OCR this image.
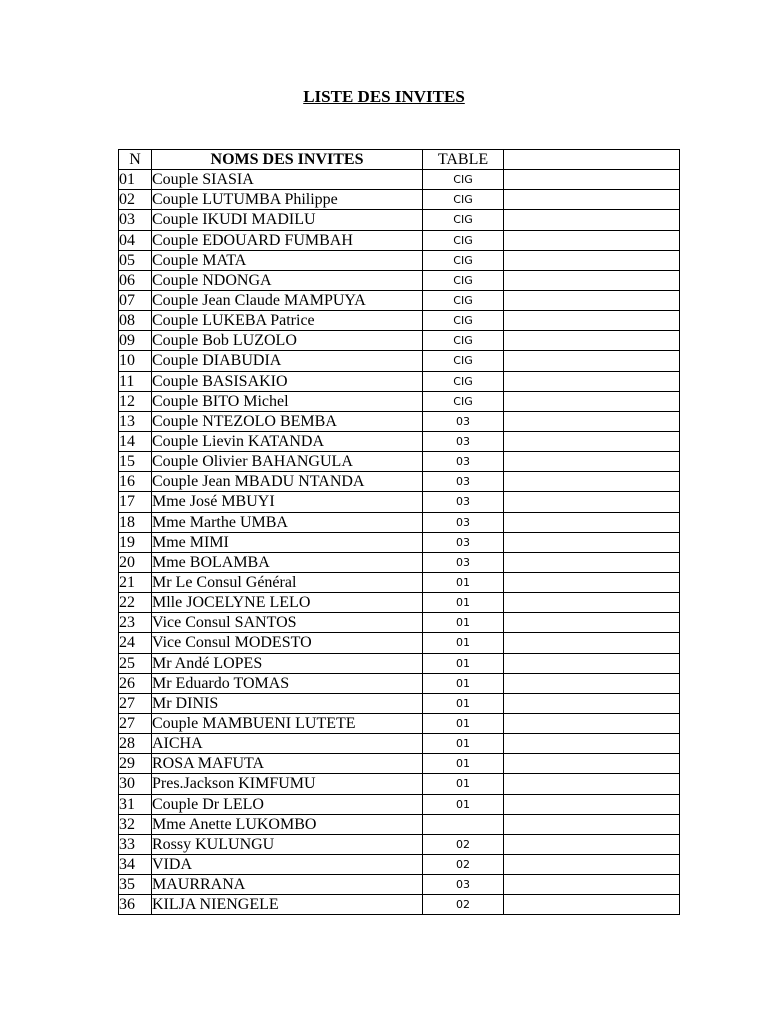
LISTE DES INVITES
N	NOMS DES INVITES	TABLE	
01	Couple SIASIA	CIG	
02	Couple LUTUMBA Philippe	CIG	
03	Couple IKUDI MADILU	CIG	
04	Couple EDOUARD FUMBAH	CIG	
05	Couple MATA	CIG	
06	Couple NDONGA	CIG	
07	Couple Jean Claude MAMPUYA	CIG	
08	Couple LUKEBA Patrice	CIG	
09	Couple Bob LUZOLO	CIG	
10	Couple DIABUDIA	CIG	
11	Couple BASISAKIO	CIG	
12	Couple BITO Michel	CIG	
13	Couple NTEZOLO BEMBA	03	
14	Couple Lievin KATANDA	03	
15	Couple Olivier BAHANGULA	03	
16	Couple Jean MBADU NTANDA	03	
17	Mme José MBUYI	03	
18	Mme Marthe UMBA	03	
19	Mme MIMI	03	
20	Mme BOLAMBA	03	
21	Mr Le Consul Général	01	
22	Mlle JOCELYNE LELO	01	
23	Vice Consul SANTOS	01	
24	Vice Consul MODESTO	01	
25	Mr Andé LOPES	01	
26	Mr Eduardo TOMAS	01	
27	Mr DINIS	01	
27	Couple MAMBUENI LUTETE	01	
28	AICHA	01	
29	ROSA MAFUTA	01	
30	Pres.Jackson KIMFUMU	01	
31	Couple Dr LELO	01	
32	Mme Anette LUKOMBO		
33	Rossy KULUNGU	02	
34	VIDA	02	
35	MAURRANA	03	
36	KILJA NIENGELE	02	
